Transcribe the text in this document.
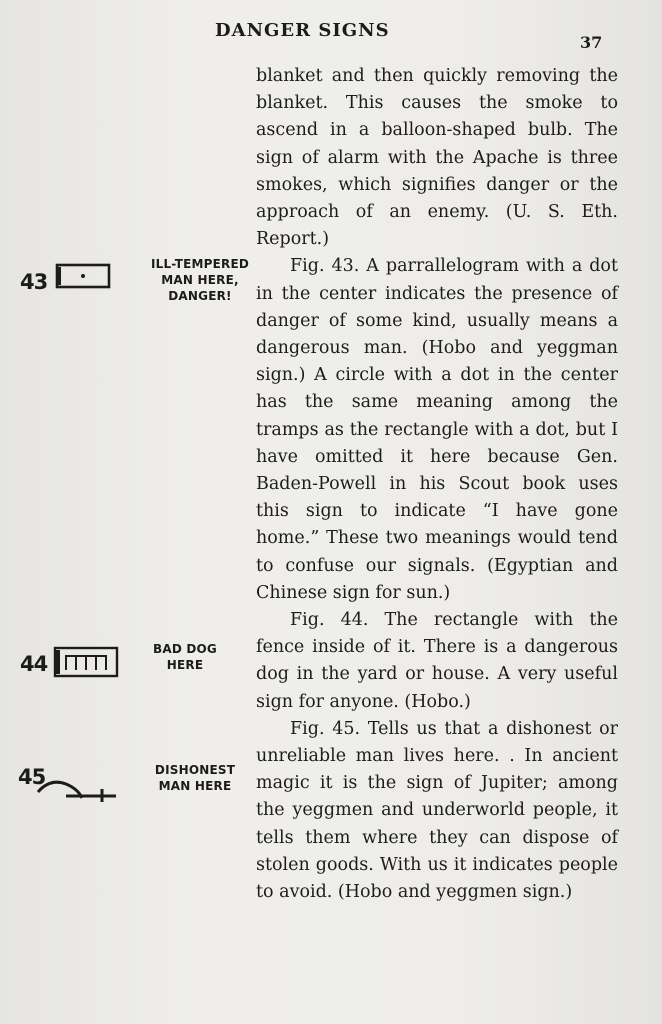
DANGER SIGNS
37
43
ILL-TEMPERED
MAN HERE,
DANGER!
44
BAD DOG
HERE
45	DISHONEST
MAN HERE

blanket and then quickly removing the blanket. This causes the smoke to ascend in a balloon-shaped bulb. The sign of alarm with the Apache is three smokes, which signifies danger or the approach of an enemy. (U. S. Eth. Report.)

Fig. 43. A parrallelogram with a dot in the center indicates the presence of danger of some kind, usually means a dangerous man. (Hobo and yeggman sign.) A circle with a dot in the center has the same meaning among the tramps as the rectangle with a dot, but I have omitted it here because Gen. Baden-Powell in his Scout book uses this sign to indicate “I have gone home.” These two meanings would tend to confuse our signals. (Egyptian and Chinese sign for sun.)

Fig. 44. The rectangle with the fence inside of it. There is a dangerous dog in the yard or house. A very useful sign for anyone. (Hobo.)

Fig. 45. Tells us that a dishonest or unreliable man lives here. . In ancient magic it is the sign of Jupiter; among the yeggmen and underworld people, it tells them where they can dispose of stolen goods. With us it indicates people to avoid. (Hobo and yeggmen sign.)
